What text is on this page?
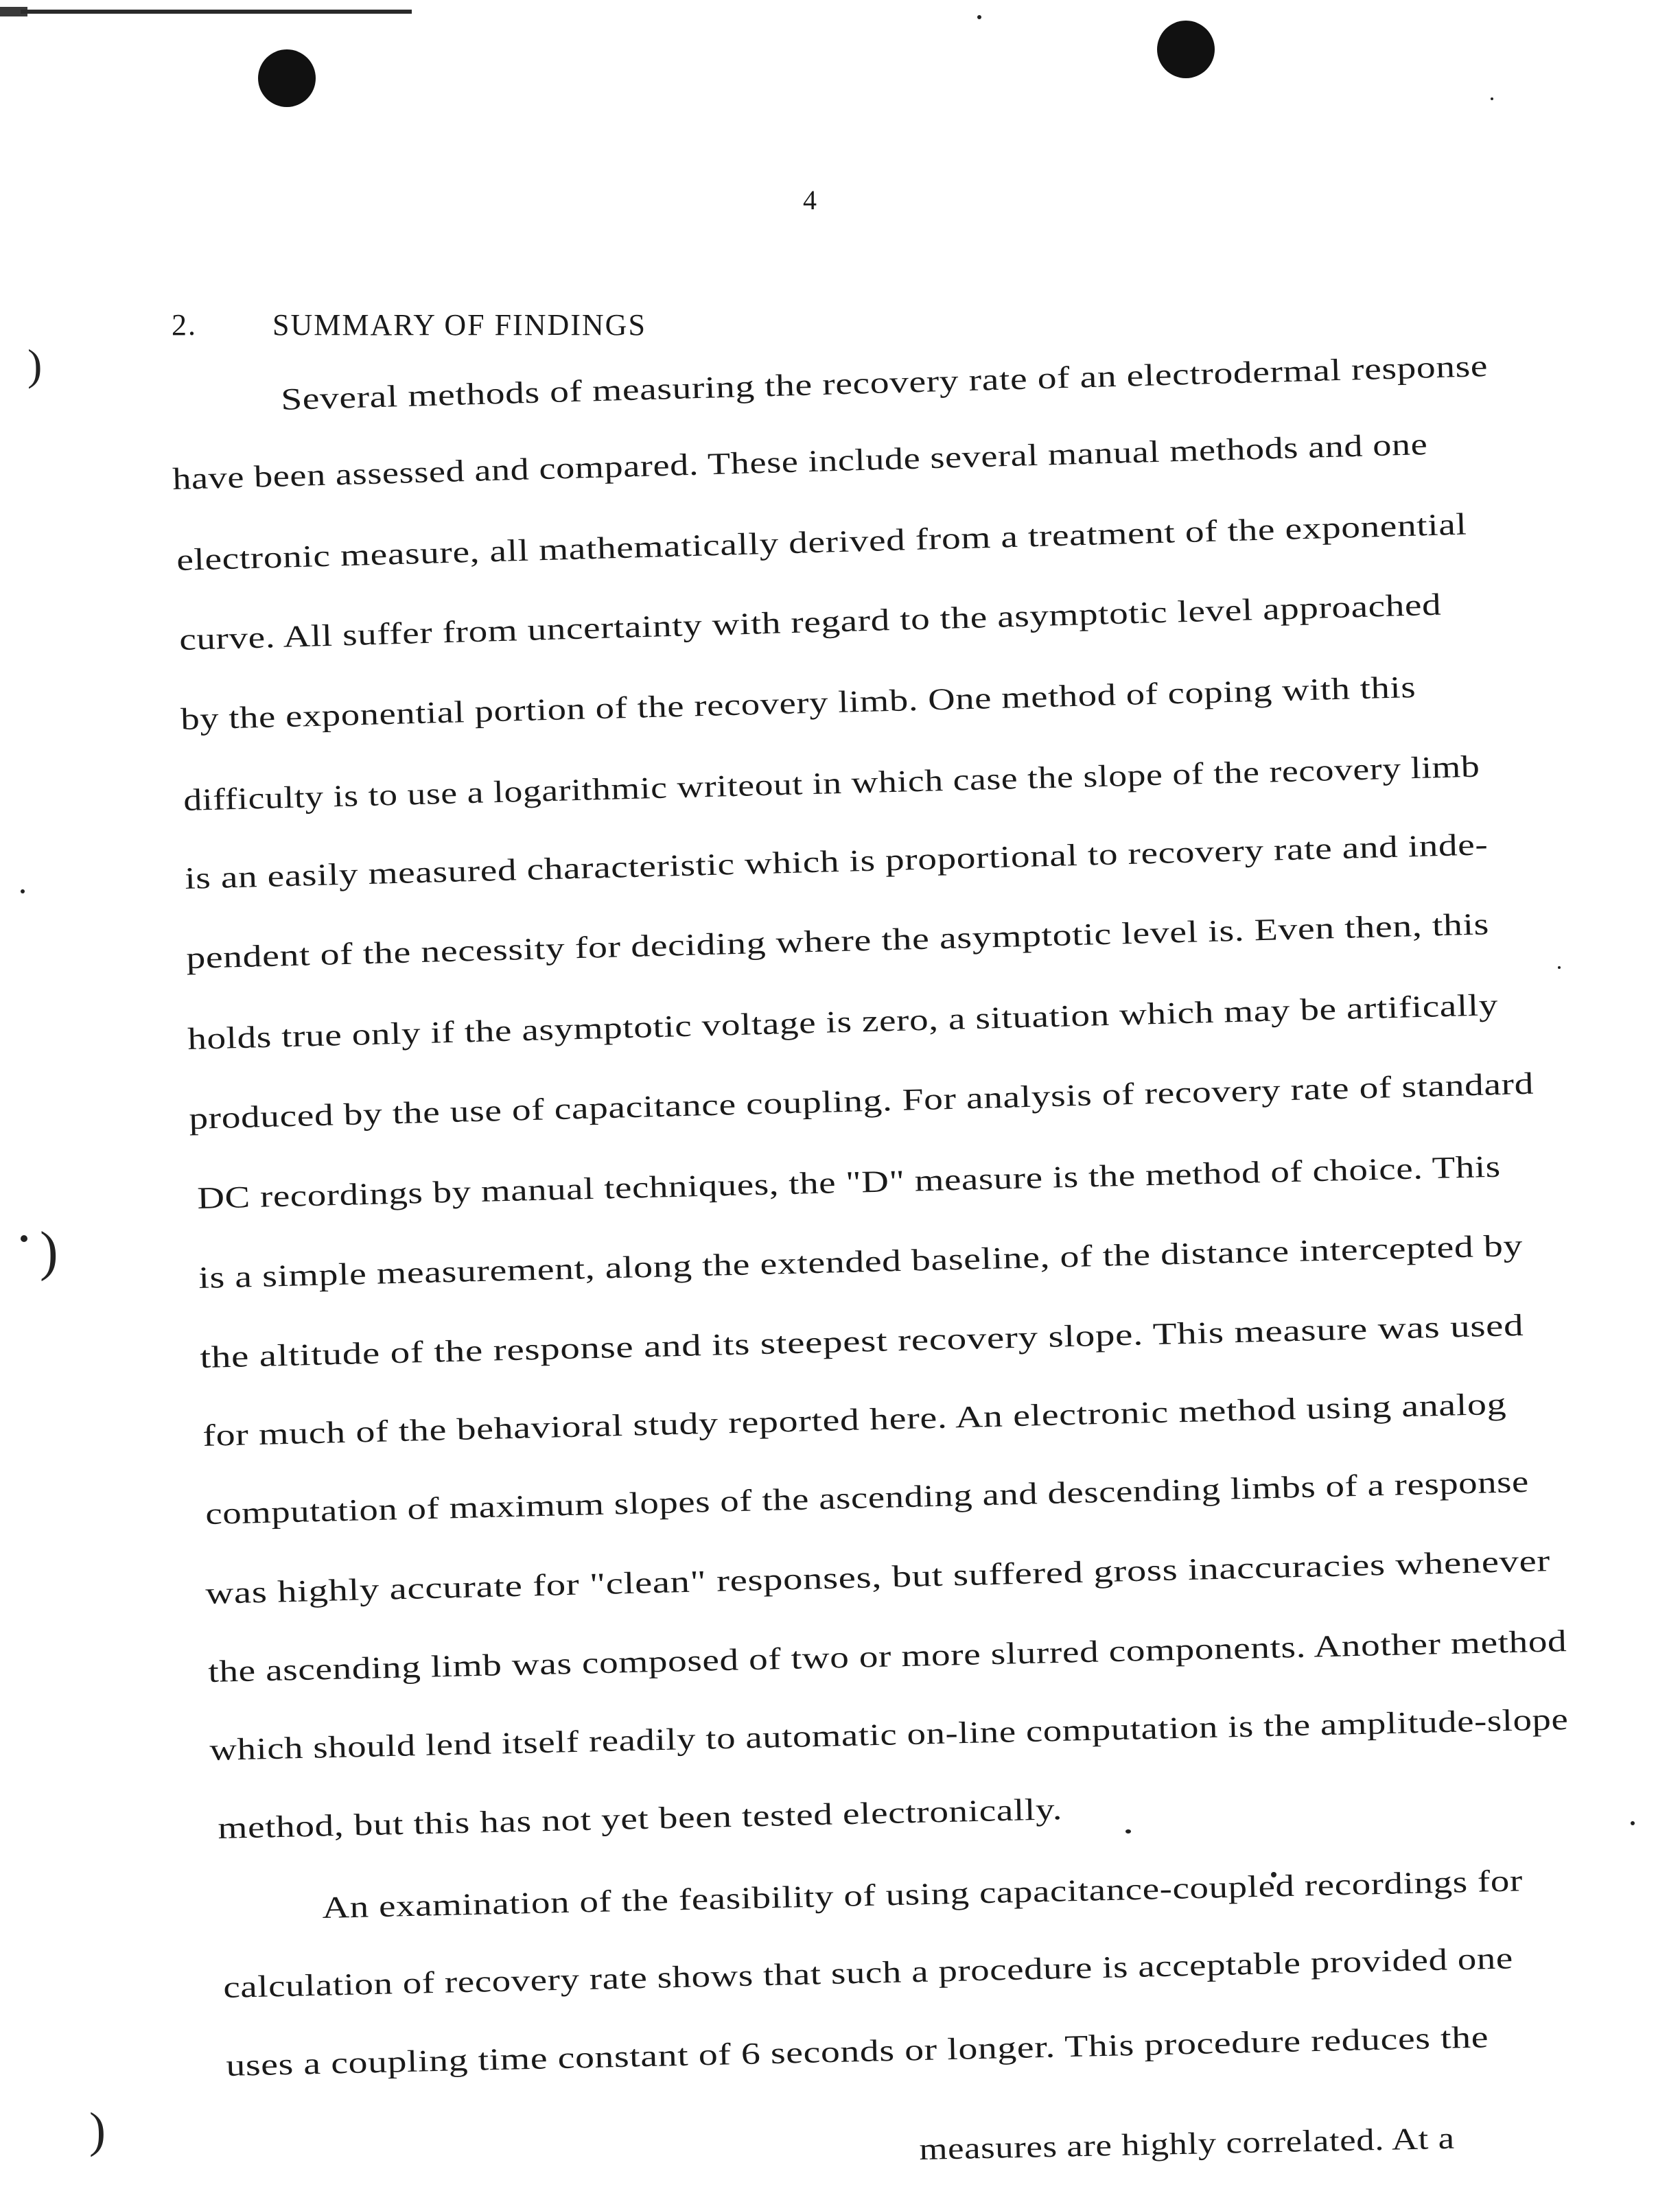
)
)
)
4
2.	SUMMARY OF FINDINGS
Several methods of measuring the recovery rate of an electrodermal response
have been assessed and compared. These include several manual methods and one
electronic measure, all mathematically derived from a treatment of the exponential
curve. All suffer from uncertainty with regard to the asymptotic level approached
by the exponential portion of the recovery limb. One method of coping with this
difficulty is to use a logarithmic writeout in which case the slope of the recovery limb
is an easily measured characteristic which is proportional to recovery rate and inde-
pendent of the necessity for deciding where the asymptotic level is. Even then, this
holds true only if the asymptotic voltage is zero, a situation which may be artifically
produced by the use of capacitance coupling. For analysis of recovery rate of standard
DC recordings by manual techniques, the "D" measure is the method of choice. This
is a simple measurement, along the extended baseline, of the distance intercepted by
the altitude of the response and its steepest recovery slope. This measure was used
for much of the behavioral study reported here. An electronic method using analog
computation of maximum slopes of the ascending and descending limbs of a response
was highly accurate for "clean" responses, but suffered gross inaccuracies whenever
the ascending limb was composed of two or more slurred components. Another method
which should lend itself readily to automatic on-line computation is the amplitude-slope
method, but this has not yet been tested electronically.
An examination of the feasibility of using capacitance-coupled recordings for
calculation of recovery rate shows that such a procedure is acceptable provided one
uses a coupling time constant of 6 seconds or longer. This procedure reduces the
measures are highly correlated. At a
